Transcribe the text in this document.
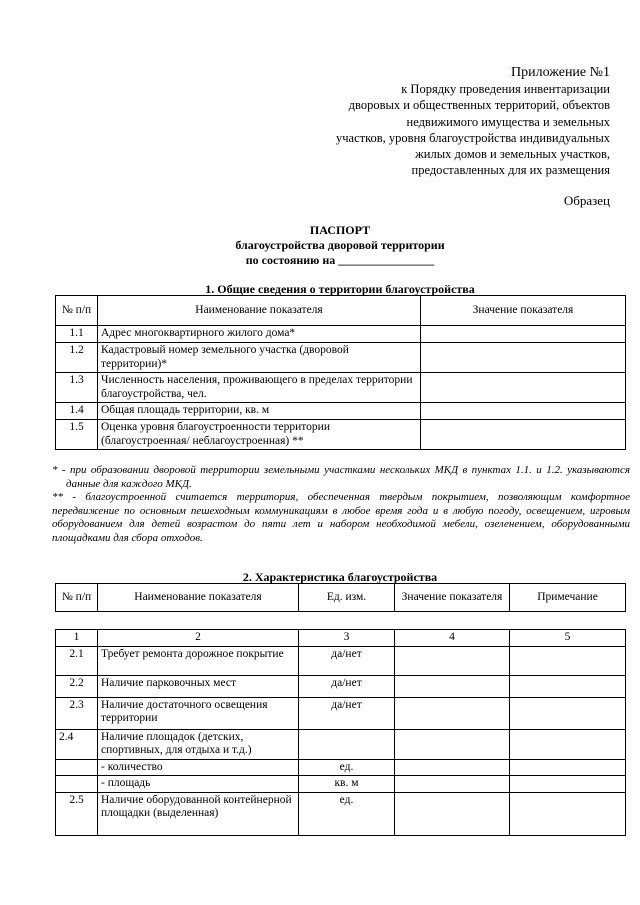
Приложение №1
к Порядку проведения инвентаризации
дворовых и общественных территорий, объектов
недвижимого имущества и земельных
участков, уровня благоустройства индивидуальных
жилых домов и земельных участков,
предоставленных для их размещения
Образец
ПАСПОРТ
благоустройства дворовой территории
по состоянию на ________________
1. Общие сведения о территории благоустройства
№ п/п	Наименование показателя	Значение показателя
1.1	Адрес многоквартирного жилого дома*	
1.2	Кадастровый номер земельного участка (дворовой территории)*	
1.3	Численность населения, проживающего в пределах территории благоустройства, чел.	
1.4	Общая площадь территории, кв. м	
1.5	Оценка уровня благоустроенности территории (благоустроенная/ неблагоустроенная) **	

* - при образовании дворовой территории земельными участками нескольких МКД в пунктах 1.1. и 1.2. указываются данные для каждого МКД.

** - благоустроенной считается территория, обеспеченная твердым покрытием, позволяющим комфортное передвижение по основным пешеходным коммуникациям в любое время года и в любую погоду, освещением, игровым оборудованием для детей возрастом до пяти лет и набором необходимой мебели, озеленением, оборудованными площадками для сбора отходов.

2. Характеристика благоустройства
№ п/п	Наименование показателя	Ед. изм.	Значение показателя	Примечание
1	2	3	4	5
2.1	Требует ремонта дорожное покрытие	да/нет		
2.2	Наличие парковочных мест	да/нет		
2.3	Наличие достаточного освещения территории	да/нет		
2.4	Наличие площадок (детских, спортивных, для отдыха и т.д.)			
	- количество	ед.		
	- площадь	кв. м		
2.5	Наличие оборудованной контейнерной площадки (выделенная)	ед.		
